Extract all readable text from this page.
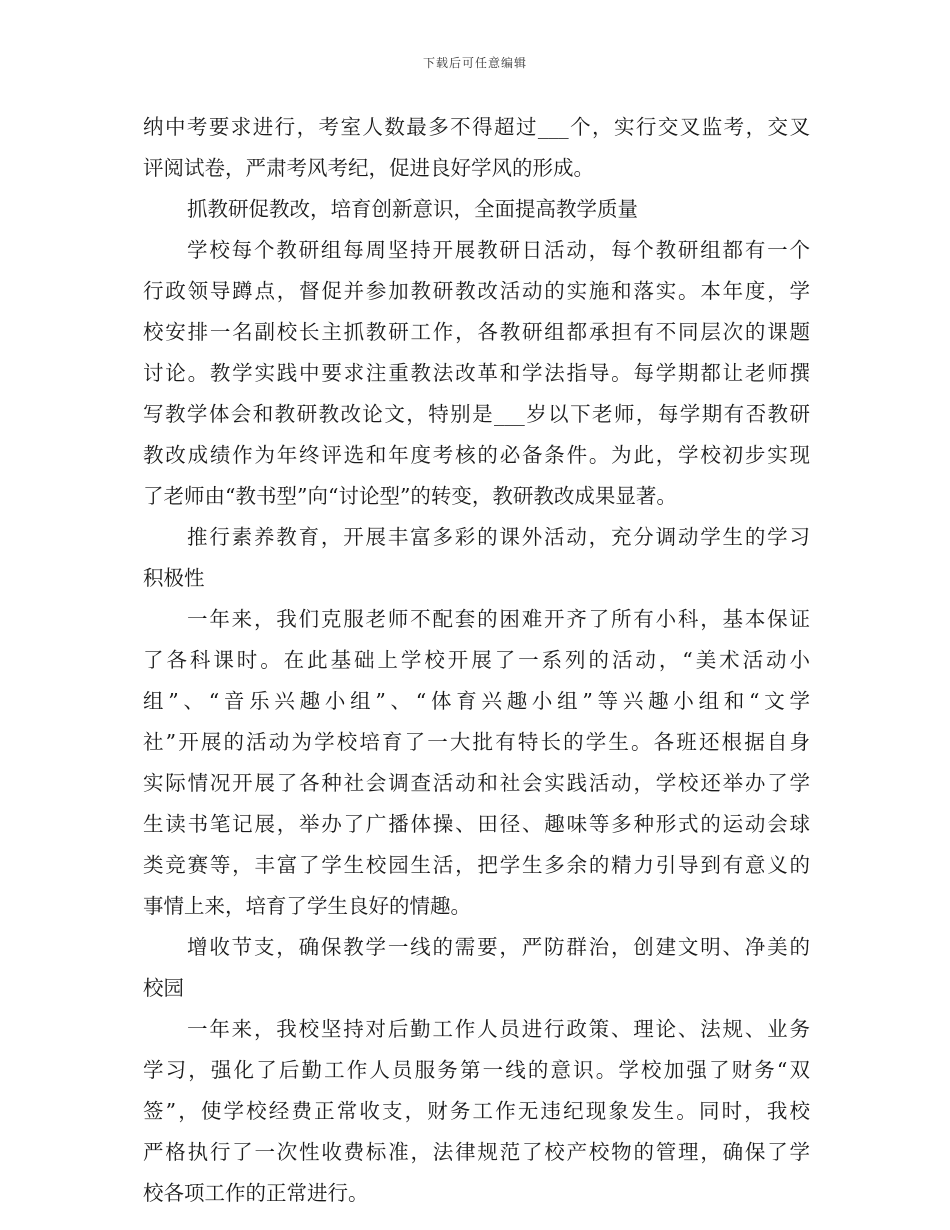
下载后可任意编辑
纳中考要求进行，考室人数最多不得超过___个，实行交叉监考，交叉
评阅试卷，严肃考风考纪，促进良好学风的形成。
抓教研促教改，培育创新意识，全面提高教学质量
学校每个教研组每周坚持开展教研日活动，每个教研组都有一个
行政领导蹲点，督促并参加教研教改活动的实施和落实。本年度，学
校安排一名副校长主抓教研工作，各教研组都承担有不同层次的课题
讨论。教学实践中要求注重教法改革和学法指导。每学期都让老师撰
写教学体会和教研教改论文，特别是___岁以下老师，每学期有否教研
教改成绩作为年终评选和年度考核的必备条件。为此，学校初步实现
了老师由“教书型”向“讨论型”的转变，教研教改成果显著。
推行素养教育，开展丰富多彩的课外活动，充分调动学生的学习
积极性
一年来，我们克服老师不配套的困难开齐了所有小科，基本保证
了各科课时。在此基础上学校开展了一系列的活动，“美术活动小
组”、“音乐兴趣小组”、“体育兴趣小组”等兴趣小组和“文学
社”开展的活动为学校培育了一大批有特长的学生。各班还根据自身
实际情况开展了各种社会调查活动和社会实践活动，学校还举办了学
生读书笔记展，举办了广播体操、田径、趣味等多种形式的运动会球
类竞赛等，丰富了学生校园生活，把学生多余的精力引导到有意义的
事情上来，培育了学生良好的情趣。
增收节支，确保教学一线的需要，严防群治，创建文明、净美的
校园
一年来，我校坚持对后勤工作人员进行政策、理论、法规、业务
学习，强化了后勤工作人员服务第一线的意识。学校加强了财务“双
签”，使学校经费正常收支，财务工作无违纪现象发生。同时，我校
严格执行了一次性收费标准，法律规范了校产校物的管理，确保了学
校各项工作的正常进行。
